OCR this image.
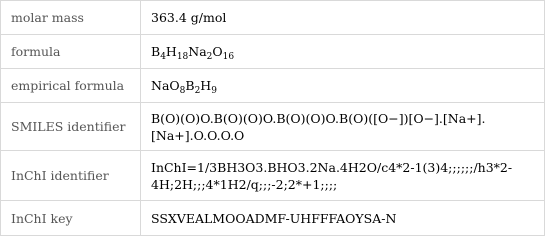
molar mass	363.4 g/mol
formula	$B_4H_{18}Na_2O_{16}$
empirical formula	$NaO_8B_2H_9$
SMILES identifier	B(O)(O)O.B(O)(O)O.B(O)(O)O.B(O)([O−])[O−].[Na+].[Na+].O.O.O.O
InChI identifier	InChI=1/3BH3O3.BHO3.2Na.4H2O/c4*2-1(3)4;;;;;;/h3*2-4H;2H;;;4*1H2/q;;;-2;2*+1;;;;
InChI key	SSXVEALMOOADMF-UHFFFAOYSA-N
